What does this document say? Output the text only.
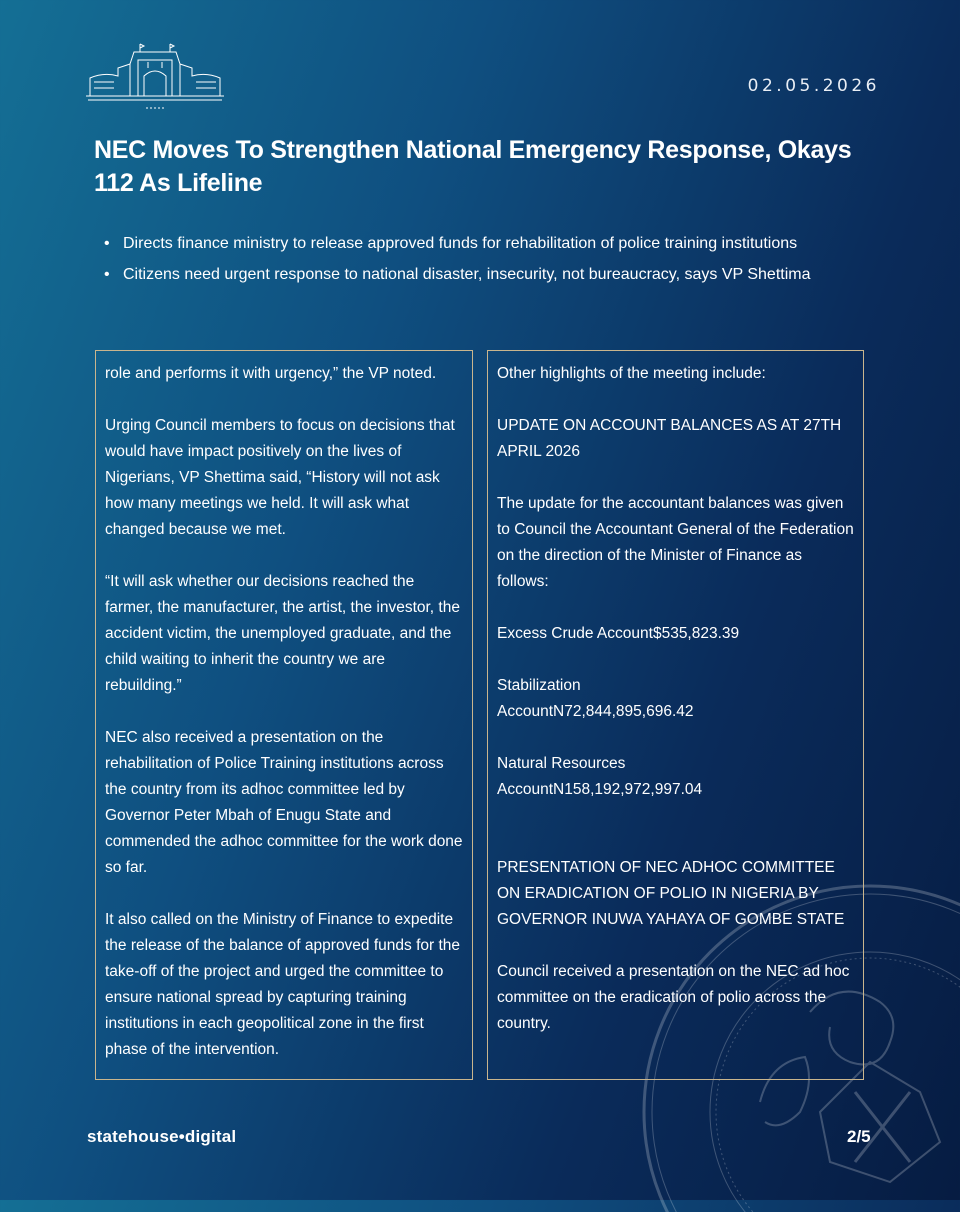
02.05.2026
NEC Moves To Strengthen National Emergency Response, Okays 112 As Lifeline
• Directs finance ministry to release approved funds for rehabilitation of police training institutions
• Citizens need urgent response to national disaster, insecurity, not bureaucracy, says VP Shettima

role and performs it with urgency,” the VP noted.

Urging Council members to focus on decisions that would have impact positively on the lives of Nigerians, VP Shettima said, “History will not ask how many meetings we held. It will ask what changed because we met.

“It will ask whether our decisions reached the farmer, the manufacturer, the artist, the investor, the accident victim, the unemployed graduate, and the child waiting to inherit the country we are rebuilding.”

NEC also received a presentation on the rehabilitation of Police Training institutions across the country from its adhoc committee led by Governor Peter Mbah of Enugu State and commended the adhoc committee for the work done so far.

It also called on the Ministry of Finance to expedite the release of the balance of approved funds for the take-off of the project and urged the committee to ensure national spread by capturing training institutions in each geopolitical zone in the first phase of the intervention.

Other highlights of the meeting include:

UPDATE ON ACCOUNT BALANCES AS AT 27TH APRIL 2026

The update for the accountant balances was given to Council the Accountant General of the Federation on the direction of the Minister of Finance as follows:

Excess Crude Account$535,823.39

Stabilization
AccountN72,844,895,696.42

Natural Resources
AccountN158,192,972,997.04

PRESENTATION OF NEC ADHOC COMMITTEE ON ERADICATION OF POLIO IN NIGERIA BY GOVERNOR INUWA YAHAYA OF GOMBE STATE

Council received a presentation on the NEC ad hoc committee on the eradication of polio across the country.

statehouse•digital	2/5
